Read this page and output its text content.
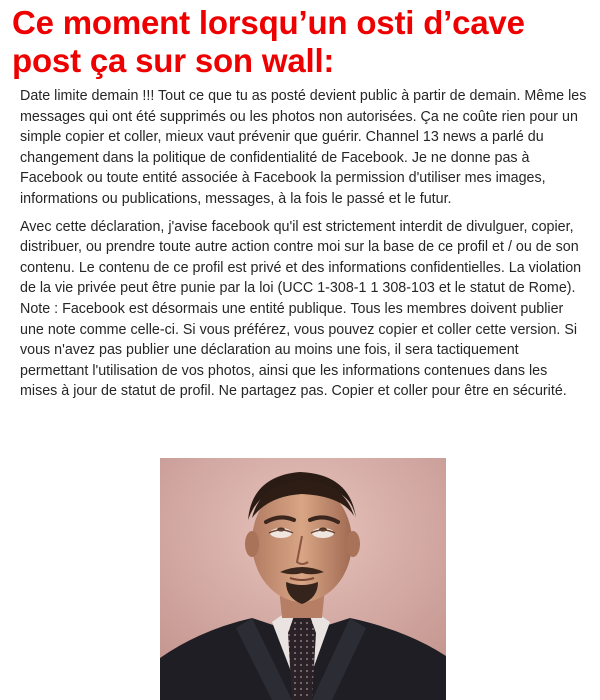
Ce moment lorsqu’un osti d’cave
post ça sur son wall:

Date limite demain !!! Tout ce que tu as posté devient public à partir de demain. Même les messages qui ont été supprimés ou les photos non autorisées. Ça ne coûte rien pour un simple copier et coller, mieux vaut prévenir que guérir. Channel 13 news a parlé du changement dans la politique de confidentialité de Facebook. Je ne donne pas à Facebook ou toute entité associée à Facebook la permission d'utiliser mes images, informations ou publications, messages, à la fois le passé et le futur.

Avec cette déclaration, j'avise facebook qu'il est strictement interdit de divulguer, copier, distribuer, ou prendre toute autre action contre moi sur la base de ce profil et / ou de son contenu. Le contenu de ce profil est privé et des informations confidentielles. La violation de la vie privée peut être punie par la loi (UCC 1-308-1 1 308-103 et le statut de Rome). Note : Facebook est désormais une entité publique. Tous les membres doivent publier une note comme celle-ci. Si vous préférez, vous pouvez copier et coller cette version. Si vous n'avez pas publier une déclaration au moins une fois, il sera tactiquement permettant l'utilisation de vos photos, ainsi que les informations contenues dans les mises à jour de statut de profil. Ne partagez pas. Copier et coller pour être en sécurité.
